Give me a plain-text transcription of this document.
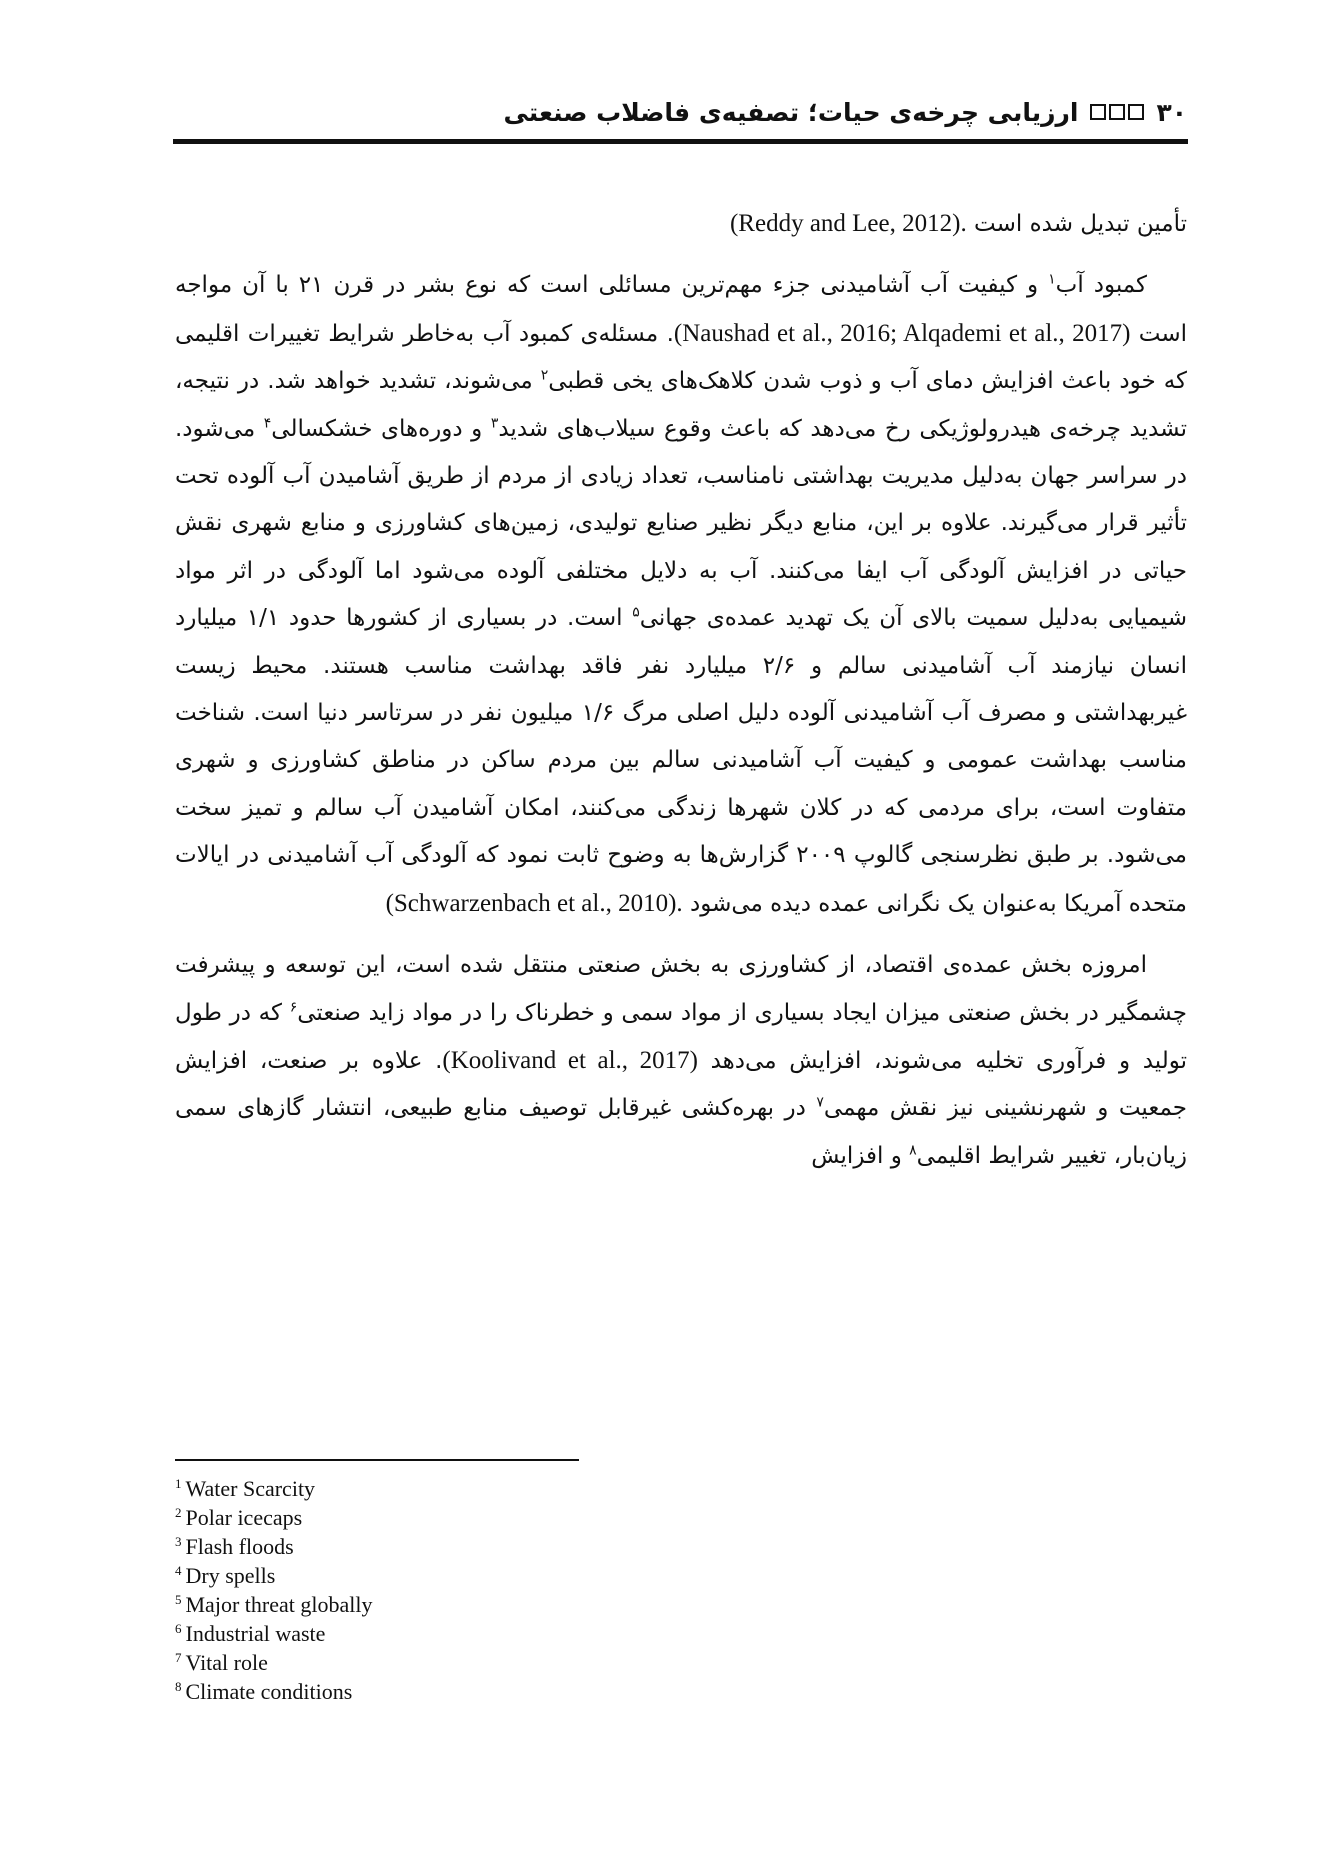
۳۰
ارزیابی چرخه‌ی حیات؛ تصفیه‌ی فاضلاب صنعتی

تأمین تبدیل شده است (Reddy and Lee, 2012).

کمبود آب$^۱$ و کیفیت آب آشامیدنی جزء مهم‌ترین مسائلی است که نوع بشر در قرن ۲۱ با آن مواجه است (Naushad et al., 2016; Alqademi et al., 2017). مسئله‌ی کمبود آب به‌خاطر شرایط تغییرات اقلیمی که خود باعث افزایش دمای آب و ذوب شدن کلاهک‌های یخی قطبی$^۲$ می‌شوند، تشدید خواهد شد. در نتیجه، تشدید چرخه‌ی هیدرولوژیکی رخ می‌دهد که باعث وقوع سیلاب‌های شدید$^۳$ و دوره‌های خشکسالی$^۴$ می‌شود. در سراسر جهان به‌دلیل مدیریت بهداشتی نامناسب، تعداد زیادی از مردم از طریق آشامیدن آب آلوده تحت تأثیر قرار می‌گیرند. علاوه بر این، منابع دیگر نظیر صنایع تولیدی، زمین‌های کشاورزی و منابع شهری نقش حیاتی در افزایش آلودگی آب ایفا می‌کنند. آب به دلایل مختلفی آلوده می‌شود اما آلودگی در اثر مواد شیمیایی به‌دلیل سمیت بالای آن یک تهدید عمده‌ی جهانی$^۵$ است. در بسیاری از کشورها حدود ۱/۱ میلیارد انسان نیازمند آب آشامیدنی سالم و ۲/۶ میلیارد نفر فاقد بهداشت مناسب هستند. محیط زیست غیربهداشتی و مصرف آب آشامیدنی آلوده دلیل اصلی مرگ ۱/۶ میلیون نفر در سرتاسر دنیا است. شناخت مناسب بهداشت عمومی و کیفیت آب آشامیدنی سالم بین مردم ساکن در مناطق کشاورزی و شهری متفاوت است، برای مردمی که در کلان شهرها زندگی می‌کنند، امکان آشامیدن آب سالم و تمیز سخت می‌شود. بر طبق نظرسنجی گالوپ ۲۰۰۹ گزارش‌ها به وضوح ثابت نمود که آلودگی آب آشامیدنی در ایالات متحده آمریکا به‌عنوان یک نگرانی عمده دیده می‌شود (Schwarzenbach et al., 2010).

امروزه بخش عمده‌ی اقتصاد، از کشاورزی به بخش صنعتی منتقل شده است، این توسعه و پیشرفت چشمگیر در بخش صنعتی میزان ایجاد بسیاری از مواد سمی و خطرناک را در مواد زاید صنعتی$^۶$ که در طول تولید و فرآوری تخلیه می‌شوند، افزایش می‌دهد (Koolivand et al., 2017). علاوه بر صنعت، افزایش جمعیت و شهرنشینی نیز نقش مهمی$^۷$ در بهره‌کشی غیرقابل توصیف منابع طبیعی، انتشار گازهای سمی زیان‌بار، تغییر شرایط اقلیمی$^۸$ و افزایش

$^1$ Water Scarcity
$^2$ Polar icecaps
$^3$ Flash floods
$^4$ Dry spells
$^5$ Major threat globally
$^6$ Industrial waste
$^7$ Vital role
$^8$ Climate conditions
